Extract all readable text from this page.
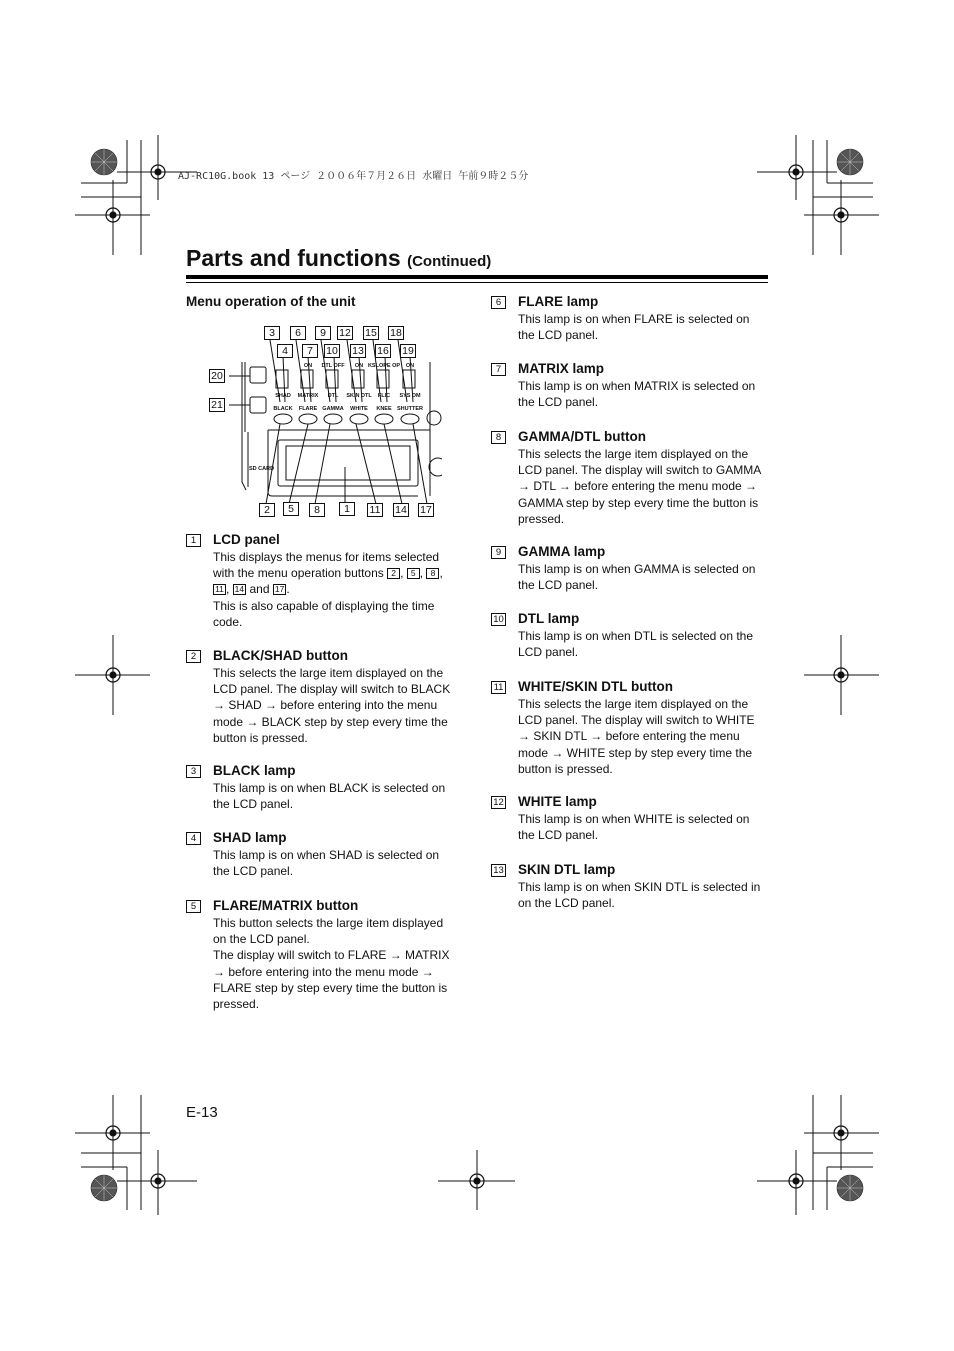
AJ-RC10G.book 13 ページ ２００６年７月２６日 水曜日 午前９時２５分
Parts and functions (Continued)
Menu operation of the unit
BLACK FLARE GAMMA WHITE KNEE SHUTTER
SHAD MATRIX DTL SKIN DTL FLIC SYS DM
ON DTL OFF ON KSLOPE OP ON
SD CARD
3	6	9	12 15 18
4	7	10 13 16 19
20
21
2	5	8	1	11 14 17
1	LCD panel

This displays the menus for items selected with the menu operation buttons 2 , 5 , 8 , 11 , 14 and 17 .

This is also capable of displaying the time code.

2	BLACK/SHAD button

This selects the large item displayed on the LCD panel. The display will switch to BLACK → SHAD → before entering into the menu mode → BLACK step by step every time the button is pressed.

3	BLACK lamp

This lamp is on when BLACK is selected on the LCD panel.

4	SHAD lamp

This lamp is on when SHAD is selected on the LCD panel.

5	FLARE/MATRIX button

This button selects the large item displayed on the LCD panel.

The display will switch to FLARE → MATRIX → before entering into the menu mode → FLARE step by step every time the button is pressed.

6	FLARE lamp

This lamp is on when FLARE is selected on the LCD panel.

7	MATRIX lamp

This lamp is on when MATRIX is selected on the LCD panel.

8	GAMMA/DTL button

This selects the large item displayed on the LCD panel. The display will switch to GAMMA → DTL → before entering the menu mode → GAMMA step by step every time the button is pressed.

9	GAMMA lamp

This lamp is on when GAMMA is selected on the LCD panel.

10 DTL lamp

This lamp is on when DTL is selected on the LCD panel.

11 WHITE/SKIN DTL button

This selects the large item displayed on the LCD panel. The display will switch to WHITE → SKIN DTL → before entering the menu mode → WHITE step by step every time the button is pressed.

12 WHITE lamp

This lamp is on when WHITE is selected on the LCD panel.

13 SKIN DTL lamp

This lamp is on when SKIN DTL is selected in on the LCD panel.

E-13
